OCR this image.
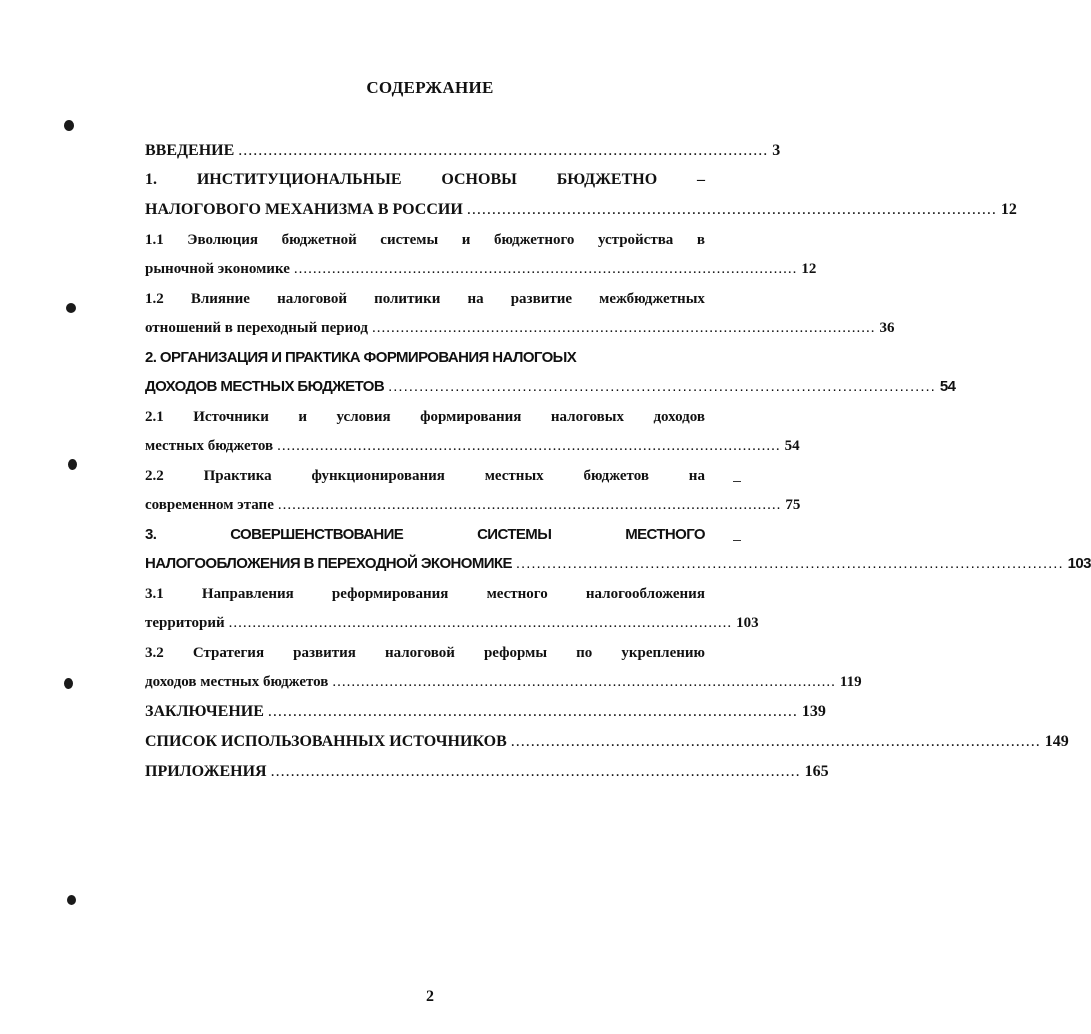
СОДЕРЖАНИЕ
ВВЕДЕНИЕ .......................................................................................................... 3
1. ИНСТИТУЦИОНАЛЬНЫЕ ОСНОВЫ БЮДЖЕТНО –
НАЛОГОВОГО МЕХАНИЗМА В РОССИИ .......................................................................................................... 12
1.1 Эволюция бюджетной системы и бюджетного устройства в
рыночной экономике .......................................................................................................... 12
1.2 Влияние налоговой политики на развитие межбюджетных
отношений в переходный период .......................................................................................................... 36
2. ОРГАНИЗАЦИЯ И ПРАКТИКА ФОРМИРОВАНИЯ НАЛОГОЫХ
ДОХОДОВ МЕСТНЫХ БЮДЖЕТОВ .......................................................................................................... 54
2.1 Источники и условия формирования налоговых доходов
местных бюджетов .......................................................................................................... 54
2.2	Практика	функционирования	местных	бюджетов	на
современном этапе .......................................................................................................... 75
3.	СОВЕРШЕНСТВОВАНИЕ	СИСТЕМЫ	МЕСТНОГО
НАЛОГООБЛОЖЕНИЯ В ПЕРЕХОДНОЙ ЭКОНОМИКЕ .......................................................................................................... 103
3.1	Направления	реформирования	местного	налогообложения
территорий .......................................................................................................... 103
3.2 Стратегия развития налоговой реформы по укреплению
доходов местных бюджетов .......................................................................................................... 119
ЗАКЛЮЧЕНИЕ .......................................................................................................... 139
СПИСОК ИСПОЛЬЗОВАННЫХ ИСТОЧНИКОВ .......................................................................................................... 149
ПРИЛОЖЕНИЯ .......................................................................................................... 165
2
